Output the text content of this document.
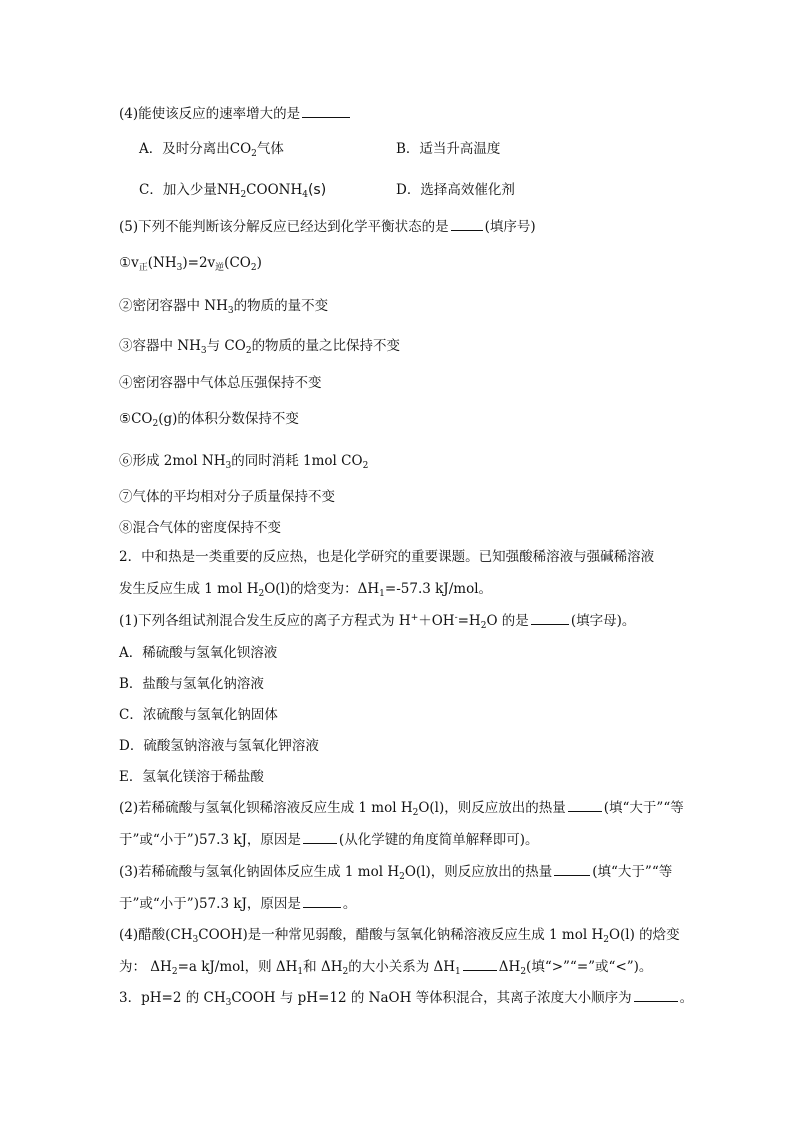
(4)能使该反应的速率增大的是
A．及时分离出$CO_2$气体	B．适当升高温度
C．加入少量$NH_2COONH_4(s)$	D．选择高效催化剂
(5)下列不能判断该分解反应已经达到化学平衡状态的是	(填序号)
$①v_正(NH_3)=2v_逆(CO_2)$
②密闭容器中 $NH_3$的物质的量不变
③容器中 $NH_3$与 $CO_2$的物质的量之比保持不变
④密闭容器中气体总压强保持不变
$⑤CO_2(g)$的体积分数保持不变
⑥形成 2mol $NH_3$的同时消耗 1mol $CO_2$
⑦气体的平均相对分子质量保持不变
⑧混合气体的密度保持不变
2．中和热是一类重要的反应热，也是化学研究的重要课题。已知强酸稀溶液与强碱稀溶液
发生反应生成 1 mol $H_2O(l)$的焓变为：$\Delta H_1=-57.3$ kJ/mol。
(1)下列各组试剂混合发生反应的离子方程式为 $H^++OH^-=H_2O$ 的是	(填字母)。
A．稀硫酸与氢氧化钡溶液
B．盐酸与氢氧化钠溶液
C．浓硫酸与氢氧化钠固体
D．硫酸氢钠溶液与氢氧化钾溶液
E．氢氧化镁溶于稀盐酸
(2)若稀硫酸与氢氧化钡稀溶液反应生成 1 mol $H_2O(l)$，则反应放出的热量	(填“大于”“等
于”或“小于”)57.3 kJ，原因是	(从化学键的角度简单解释即可)。
(3)若稀硫酸与氢氧化钠固体反应生成 1 mol $H_2O(l)$，则反应放出的热量	(填“大于”“等
于”或“小于”)57.3 kJ，原因是	。
(4)醋酸$(CH_3COOH)$是一种常见弱酸，醋酸与氢氧化钠稀溶液反应生成 1 mol $H_2O(l)$ 的焓变
为： $\Delta H_2=a$ kJ/mol，则 $\Delta H_1$和 $\Delta H_2$的大小关系为 $\Delta H_1$	$\Delta H_2$(填“>”“=”或“<”)。
3．pH=2 的 $CH_3COOH$ 与 pH=12 的 NaOH 等体积混合，其离子浓度大小顺序为	。
